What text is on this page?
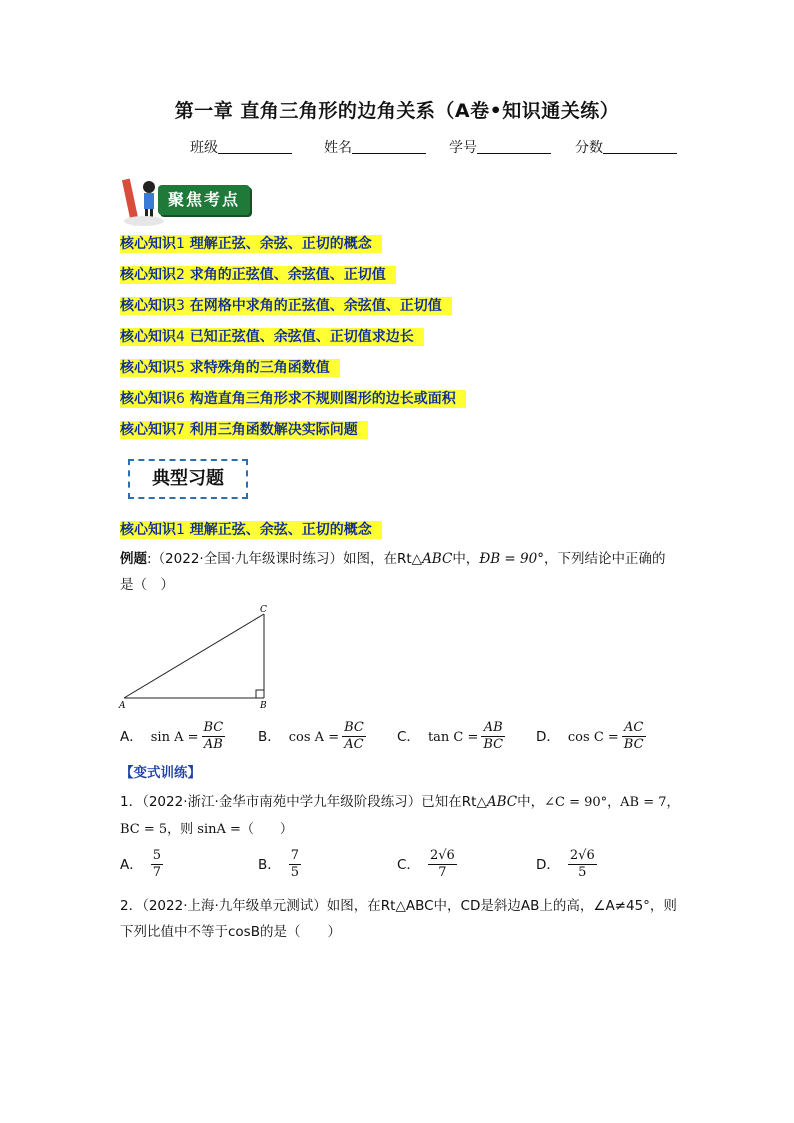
第一章 直角三角形的边角关系（A卷•知识通关练）
班级	姓名	学号	分数
聚焦考点
核心知识1 理解正弦、余弦、正切的概念
核心知识2 求角的正弦值、余弦值、正切值
核心知识3 在网格中求角的正弦值、余弦值、正切值
核心知识4 已知正弦值、余弦值、正切值求边长
核心知识5 求特殊角的三角函数值
核心知识6 构造直角三角形求不规则图形的边长或面积
核心知识7 利用三角函数解决实际问题
典型习题
核心知识1 理解正弦、余弦、正切的概念
例题:（2022·全国·九年级课时练习）如图，在Rt△ABC中，ÐB = 90°，下列结论中正确的
是（　）
A	B
C
A． $\sin A = \frac{BC}{AB}$ B． $\cos A = \frac{BC}{AC}$ C． $\tan C = \frac{AB}{BC}$ D． $\cos C = \frac{AC}{BC}$
【变式训练】
1．（2022·浙江·金华市南苑中学九年级阶段练习）已知在Rt△ABC中，∠C = 90°，AB = 7，
BC = 5，则 sinA =（　　）
A． $\frac{5}{7}$	B． $\frac{7}{5}$	C． $\frac{2√6}{7}$	D． $\frac{2√6}{5}$
2．（2022·上海·九年级单元测试）如图，在Rt△ABC中，CD是斜边AB上的高，∠A≠45°，则
下列比值中不等于cosB的是（　　）
